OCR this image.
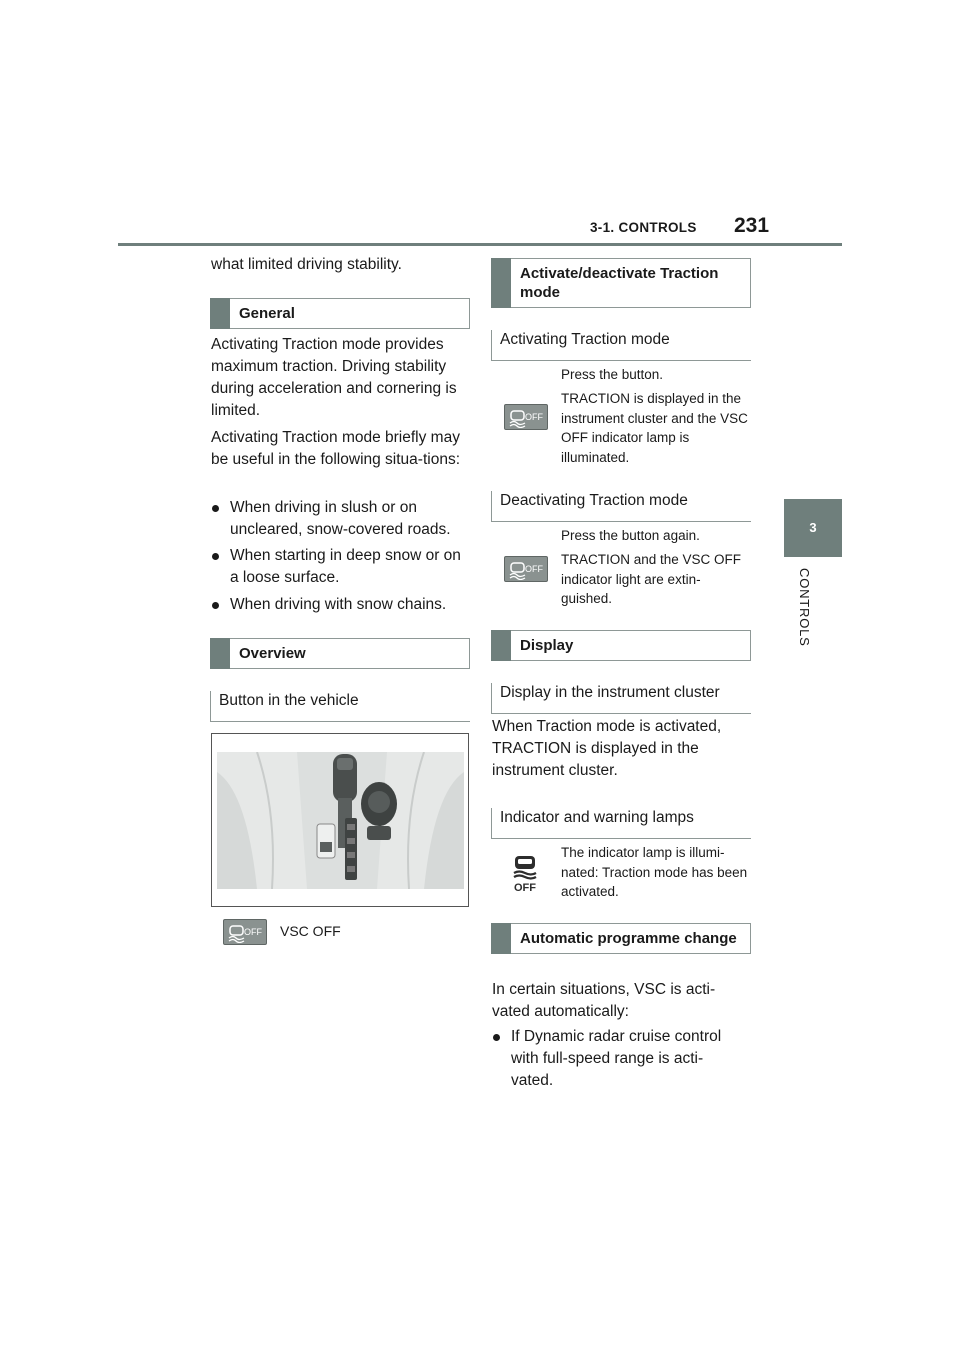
3-1. CONTROLS 231
3
CONTROLS
what limited driving stability.
General
Activating Traction mode provides maximum traction. Driving stability during acceleration and cornering is limited.
Activating Traction mode briefly may be useful in the following situa-tions:
When driving in slush or on uncleared, snow-covered roads.
When starting in deep snow or on a loose surface.
When driving with snow chains.
Overview
Button in the vehicle
OFF VSC OFF
Activate/deactivate Traction mode
Activating Traction mode
Press the button.
OFF
TRACTION is displayed in the instrument cluster and the VSC OFF indicator lamp is illuminated.
Deactivating Traction mode
Press the button again.
OFF
TRACTION and the VSC OFF indicator light are extin-guished.
Display
Display in the instrument cluster
When Traction mode is activated, TRACTION is displayed in the instrument cluster.
Indicator and warning lamps
OFF
The indicator lamp is illumi-nated: Traction mode has been activated.
Automatic programme change
In certain situations, VSC is acti-vated automatically:
If Dynamic radar cruise control with full-speed range is acti-vated.
